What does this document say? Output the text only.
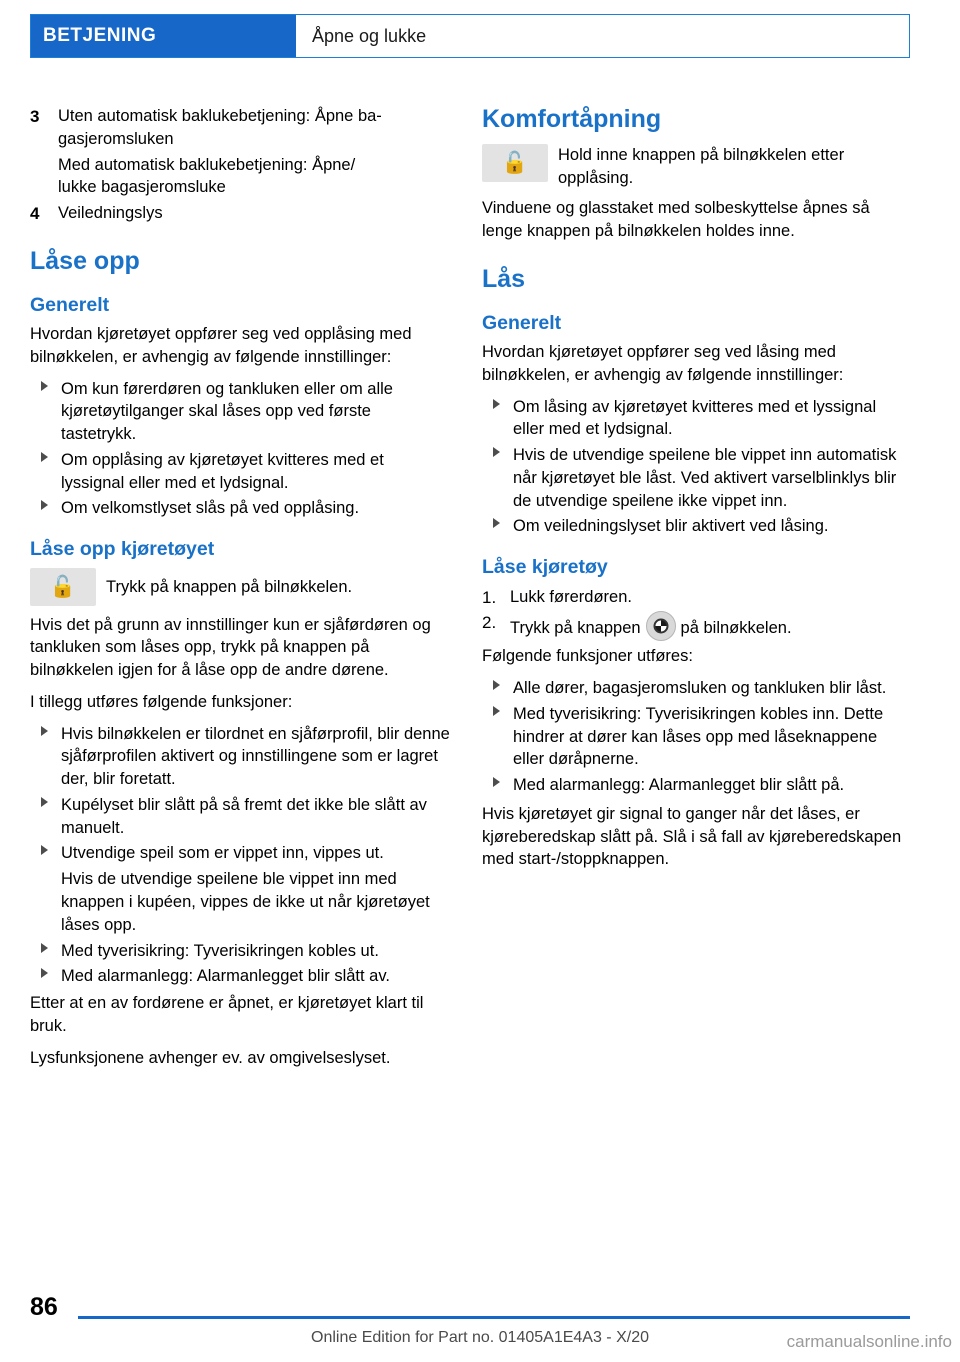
BETJENING	Åpne og lukke
3 Uten automatisk baklukebetjening: Åpne ba-
gasjeromsluken
Med automatisk baklukebetjening: Åpne/
lukke bagasjeromsluke
4 Veiledningslys
Låse opp
Generelt

Hvordan kjøretøyet oppfører seg ved opplåsing med bilnøkkelen, er avhengig av følgende innstillinger:

Om kun førerdøren og tankluken eller om alle kjøretøytilganger skal låses opp ved første tastetrykk.
Om opplåsing av kjøretøyet kvitteres med et lyssignal eller med et lydsignal.
Om velkomstlyset slås på ved opplåsing.
Låse opp kjøretøyet
🔓 Trykk på knappen på bilnøkkelen.

Hvis det på grunn av innstillinger kun er sjåførdøren og tankluken som låses opp, trykk på knappen på bilnøkkelen igjen for å låse opp de andre dørene.

I tillegg utføres følgende funksjoner:

Hvis bilnøkkelen er tilordnet en sjåførprofil, blir denne sjåførprofilen aktivert og innstillingene som er lagret der, blir foretatt.
Kupélyset blir slått på så fremt det ikke ble slått av manuelt.
Utvendige speil som er vippet inn, vippes ut.

Hvis de utvendige speilene ble vippet inn med knappen i kupéen, vippes de ikke ut når kjøretøyet låses opp.

Med tyverisikring: Tyverisikringen kobles ut.
Med alarmanlegg: Alarmanlegget blir slått av.

Etter at en av fordørene er åpnet, er kjøretøyet klart til bruk.

Lysfunksjonene avhenger ev. av omgivelseslyset.

Komfortåpning
🔓 Hold inne knappen på bilnøkkelen etter opplåsing.

Vinduene og glasstaket med solbeskyttelse åpnes så lenge knappen på bilnøkkelen holdes inne.

Lås
Generelt

Hvordan kjøretøyet oppfører seg ved låsing med bilnøkkelen, er avhengig av følgende innstillinger:

Om låsing av kjøretøyet kvitteres med et lyssignal eller med et lydsignal.
Hvis de utvendige speilene ble vippet inn automatisk når kjøretøyet ble låst. Ved aktivert varselblinklys blir de utvendige speilene ikke vippet inn.
Om veiledningslyset blir aktivert ved låsing.
Låse kjøretøy
1. Lukk førerdøren.
2. Trykk på knappen på bilnøkkelen.

Følgende funksjoner utføres:

Alle dører, bagasjeromsluken og tankluken blir låst.
Med tyverisikring: Tyverisikringen kobles inn. Dette hindrer at dører kan låses opp med låseknappene eller døråpnerne.
Med alarmanlegg: Alarmanlegget blir slått på.

Hvis kjøretøyet gir signal to ganger når det låses, er kjøreberedskap slått på. Slå i så fall av kjøreberedskapen med start-/stoppknappen.

86
Online Edition for Part no. 01405A1E4A3 - X/20	carmanualsonline.info
